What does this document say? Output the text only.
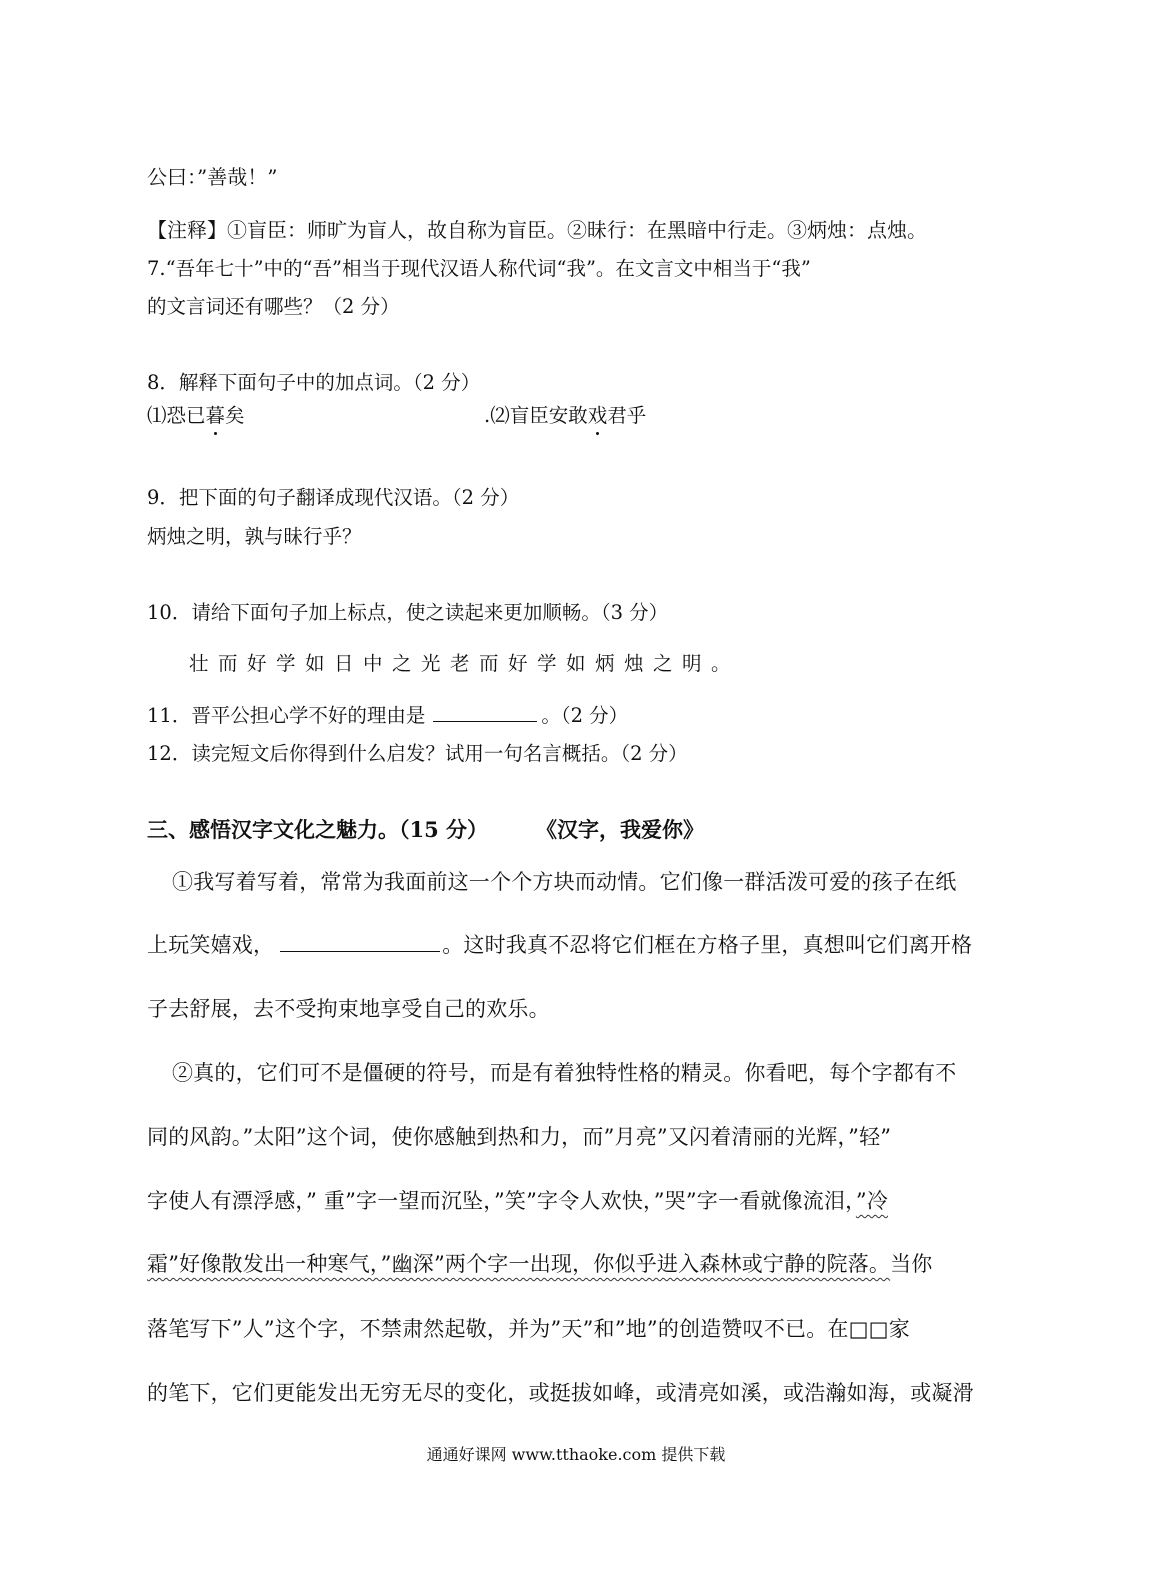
公曰：”善哉！”
【注释】①盲臣：师旷为盲人，故自称为盲臣。②昧行：在黑暗中行走。③炳烛：点烛。
7.“吾年七十”中的“吾”相当于现代汉语人称代词“我”。在文言文中相当于“我”
的文言词还有哪些？（2 分）
8．解释下面句子中的加点词。（2 分）
⑴恐已暮矣	.⑵盲臣安敢戏君乎
9．把下面的句子翻译成现代汉语。（2 分）
炳烛之明，孰与昧行乎？
10．请给下面句子加上标点，使之读起来更加顺畅。（3 分）
壮而好学如日中之光老而好学如炳烛之明。
11．晋平公担心学不好的理由是	。（2 分）
12．读完短文后你得到什么启发？试用一句名言概括。（2 分）
三、感悟汉字文化之魅力。（15 分） 《汉字，我爱你》
①我写着写着，常常为我面前这一个个方块而动情。它们像一群活泼可爱的孩子在纸
上玩笑嬉戏，	。这时我真不忍将它们框在方格子里，真想叫它们离开格
子去舒展，去不受拘束地享受自己的欢乐。
②真的，它们可不是僵硬的符号，而是有着独特性格的精灵。你看吧，每个字都有不
同的风韵。”太阳”这个词，使你感触到热和力，而”月亮”又闪着清丽的光辉，”轻”
字使人有漂浮感，” 重”字一望而沉坠，”笑”字令人欢快，”哭”字一看就像流泪，”冷
霜”好像散发出一种寒气，”幽深”两个字一出现，你似乎进入森林或宁静的院落。当你
落笔写下”人”这个字，不禁肃然起敬，并为”天”和”地”的创造赞叹不已。在□□家
的笔下，它们更能发出无穷无尽的变化，或挺拔如峰，或清亮如溪，或浩瀚如海，或凝滑
通通好课网 www.tthaoke.com 提供下载
